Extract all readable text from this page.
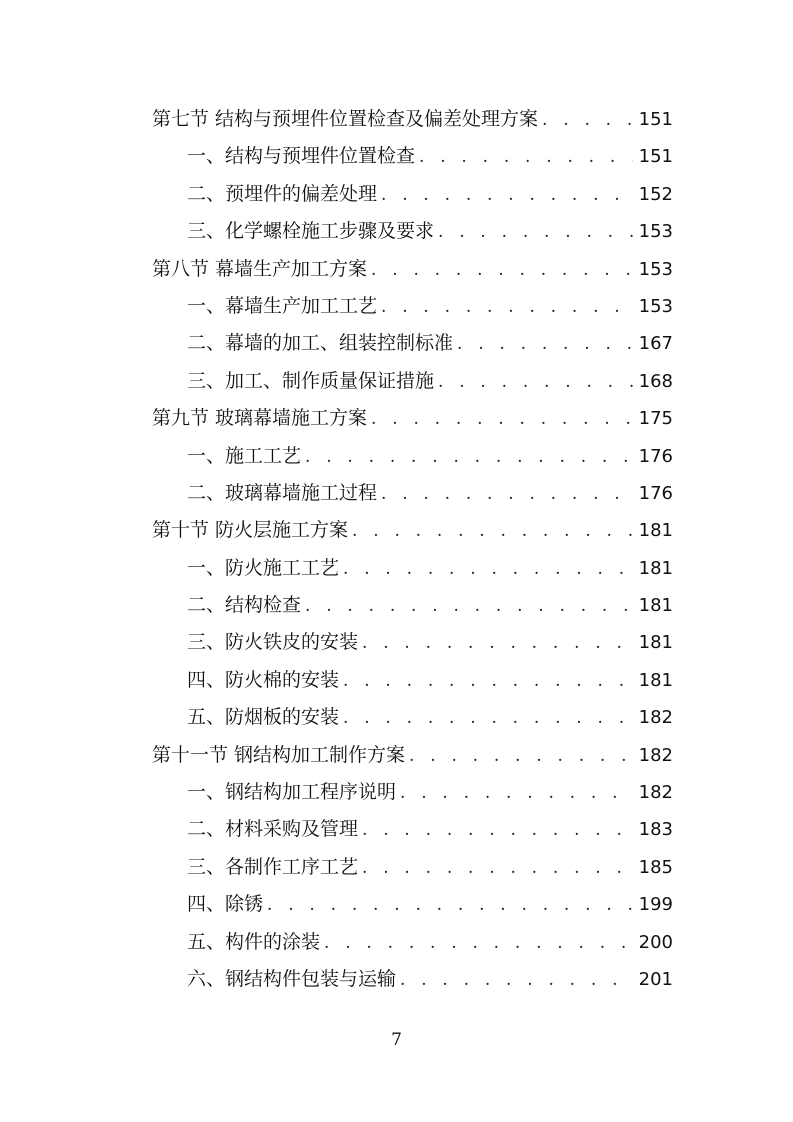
第七节 结构与预埋件位置检查及偏差处理方案 . . .	151
一、结构与预埋件位置检查 . . .	151
二、预埋件的偏差处理 . . .	152
三、化学螺栓施工步骤及要求 . . .	153
第八节 幕墙生产加工方案 . . .	153
一、幕墙生产加工工艺 . . .	153
二、幕墙的加工、组装控制标准 . . .	167
三、加工、制作质量保证措施 . . .	168
第九节 玻璃幕墙施工方案 . . .	175
一、施工工艺 . . .	176
二、玻璃幕墙施工过程 . . .	176
第十节 防火层施工方案 . . .	181
一、防火施工工艺 . . .	181
二、结构检查 . . .	181
三、防火铁皮的安装 . . .	181
四、防火棉的安装 . . .	181
五、防烟板的安装 . . .	182
第十一节 钢结构加工制作方案 . . .	182
一、钢结构加工程序说明 . . .	182
二、材料采购及管理 . . .	183
三、各制作工序工艺 . . .	185
四、除锈 . . .	199
五、构件的涂装 . . .	200
六、钢结构件包装与运输 . . .	201
7
